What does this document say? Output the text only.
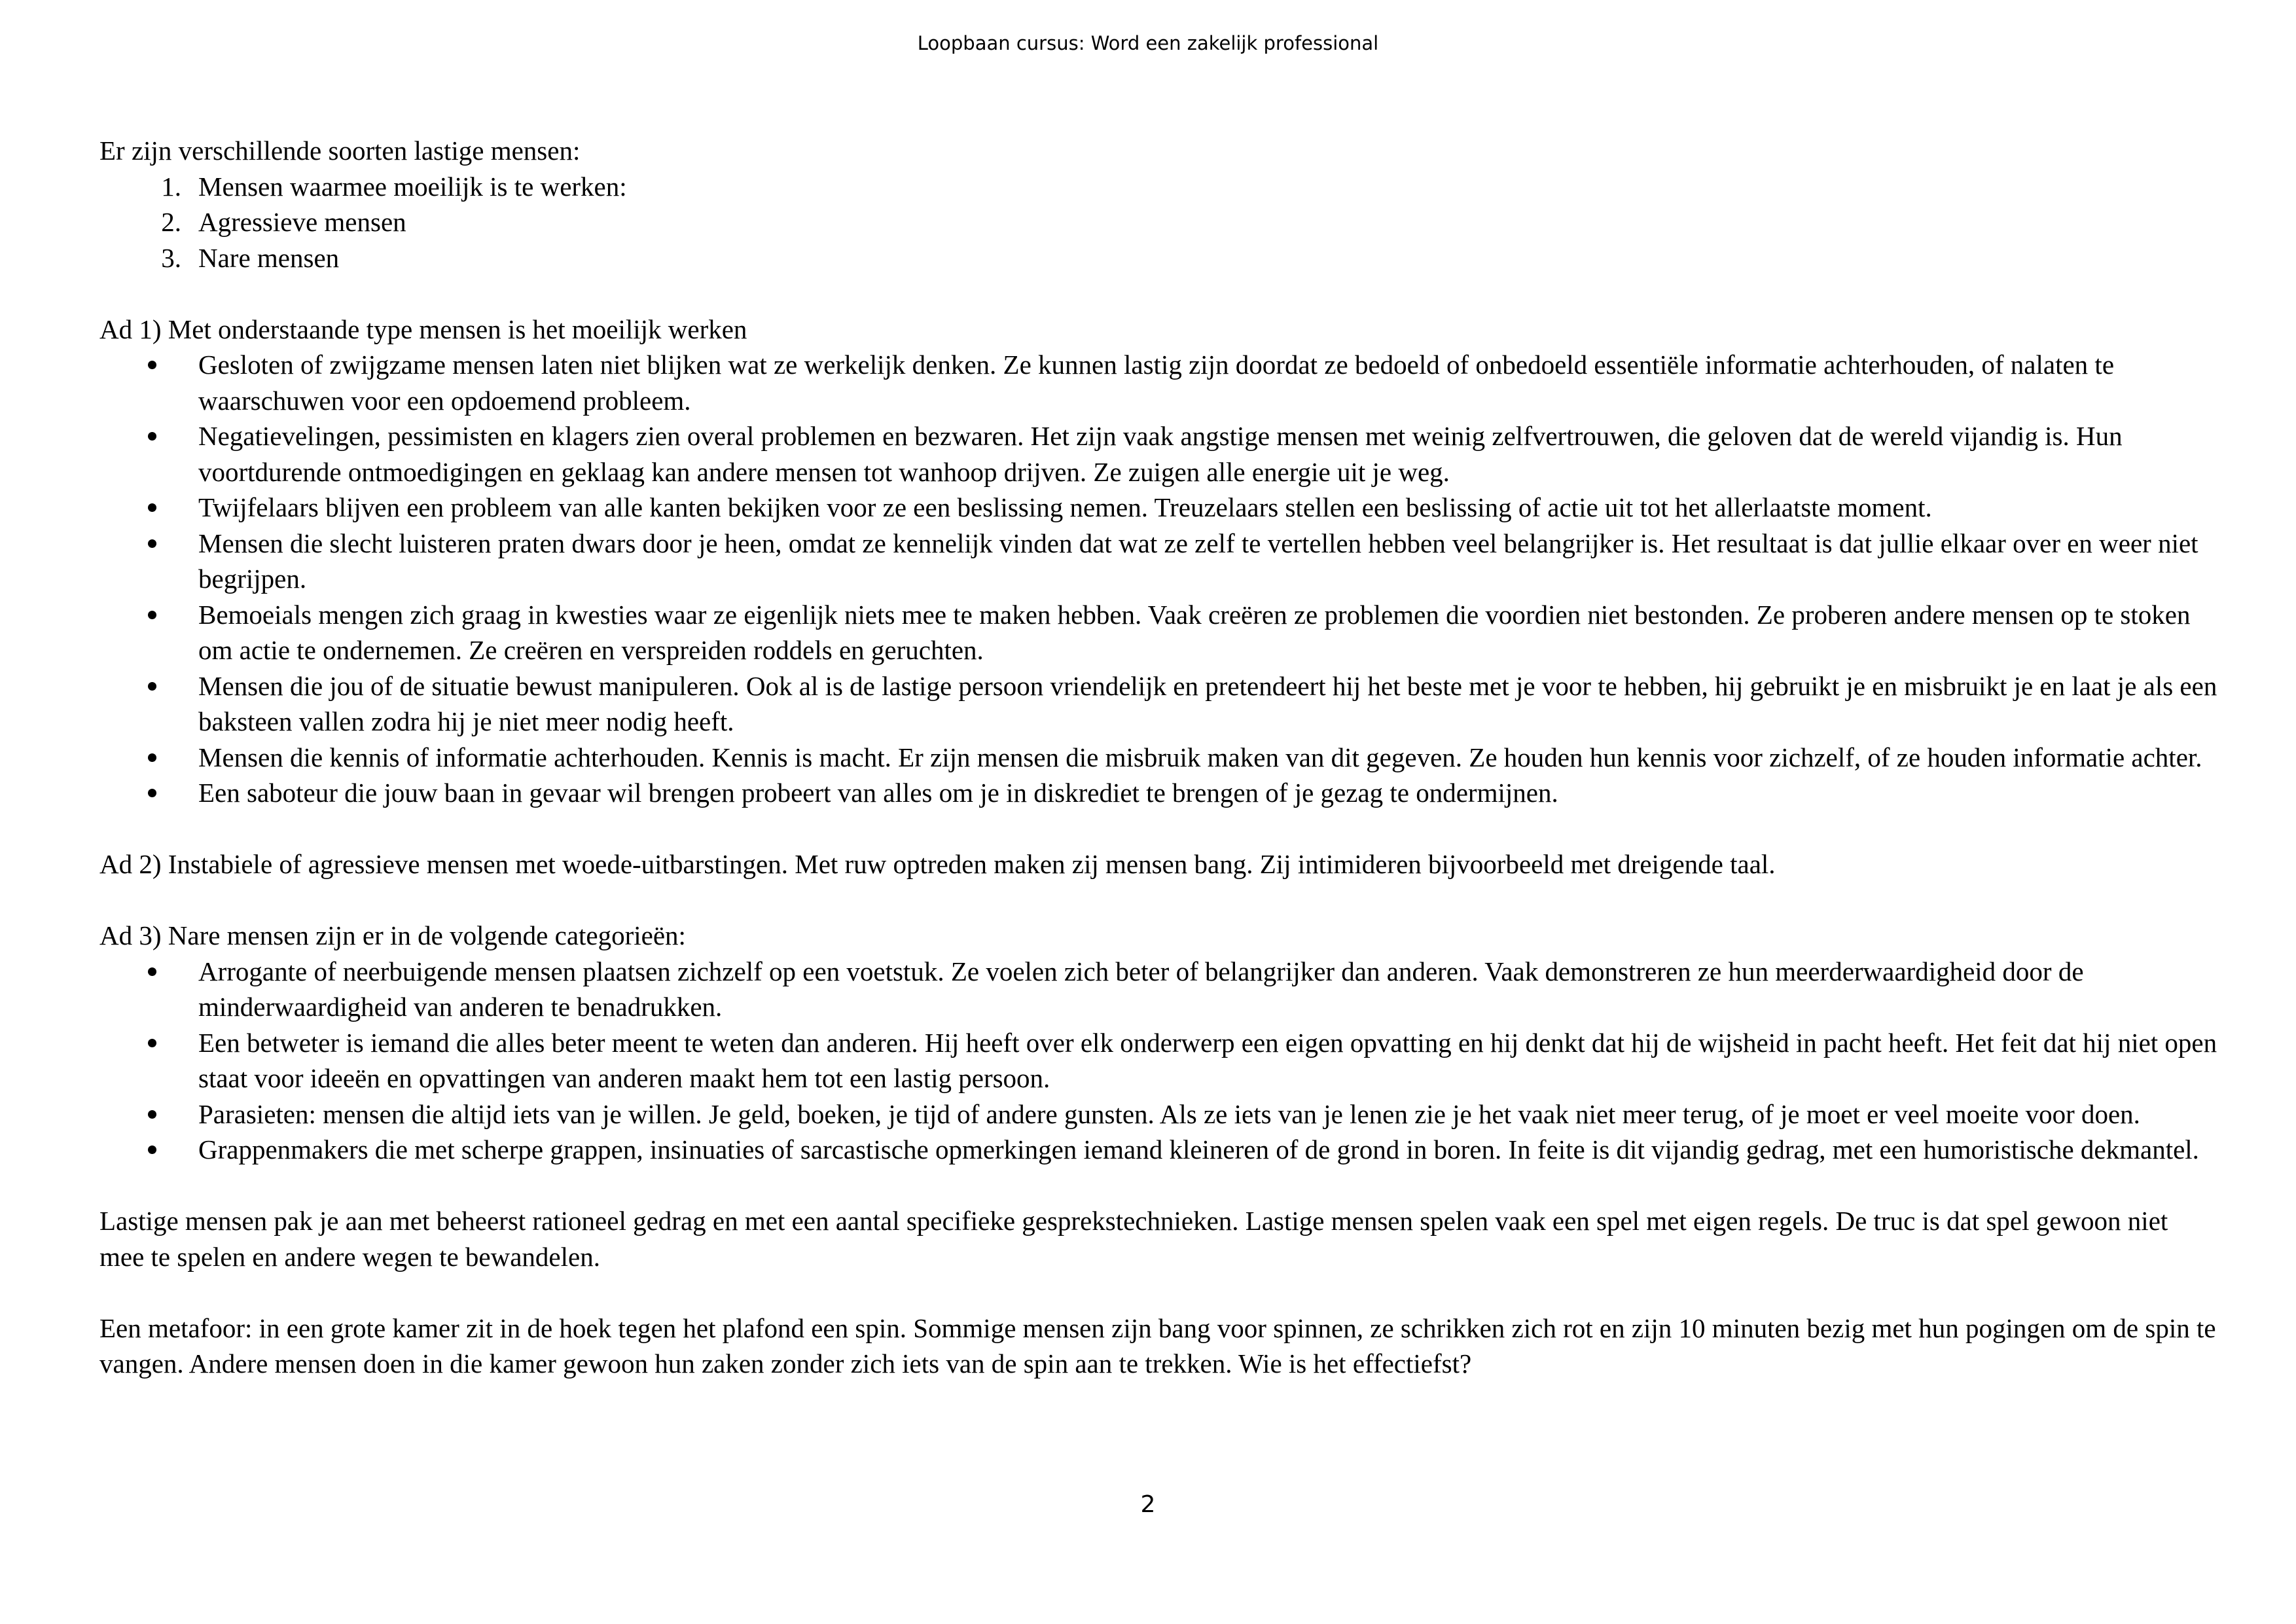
Loopbaan cursus: Word een zakelijk professional

Er zijn verschillende soorten lastige mensen:

1. Mensen waarmee moeilijk is te werken:
2. Agressieve mensen
3. Nare mensen

Ad 1) Met onderstaande type mensen is het moeilijk werken

Gesloten of zwijgzame mensen laten niet blijken wat ze werkelijk denken. Ze kunnen lastig zijn doordat ze bedoeld of onbedoeld essentiële informatie achterhouden, of nalaten te waarschuwen voor een opdoemend probleem.
Negatievelingen, pessimisten en klagers zien overal problemen en bezwaren. Het zijn vaak angstige mensen met weinig zelfvertrouwen, die geloven dat de wereld vijandig is. Hun voortdurende ontmoedigingen en geklaag kan andere mensen tot wanhoop drijven. Ze zuigen alle energie uit je weg.
Twijfelaars blijven een probleem van alle kanten bekijken voor ze een beslissing nemen. Treuzelaars stellen een beslissing of actie uit tot het allerlaatste moment.
Mensen die slecht luisteren praten dwars door je heen, omdat ze kennelijk vinden dat wat ze zelf te vertellen hebben veel belangrijker is. Het resultaat is dat jullie elkaar over en weer niet begrijpen.
Bemoeials mengen zich graag in kwesties waar ze eigenlijk niets mee te maken hebben. Vaak creëren ze problemen die voordien niet bestonden. Ze proberen andere mensen op te stoken om actie te ondernemen. Ze creëren en verspreiden roddels en geruchten.
Mensen die jou of de situatie bewust manipuleren. Ook al is de lastige persoon vriendelijk en pretendeert hij het beste met je voor te hebben, hij gebruikt je en misbruikt je en laat je als een baksteen vallen zodra hij je niet meer nodig heeft.
Mensen die kennis of informatie achterhouden. Kennis is macht. Er zijn mensen die misbruik maken van dit gegeven. Ze houden hun kennis voor zichzelf, of ze houden informatie achter.
Een saboteur die jouw baan in gevaar wil brengen probeert van alles om je in diskrediet te brengen of je gezag te ondermijnen.

Ad 2) Instabiele of agressieve mensen met woede-uitbarstingen. Met ruw optreden maken zij mensen bang. Zij intimideren bijvoorbeeld met dreigende taal.

Ad 3) Nare mensen zijn er in de volgende categorieën:

Arrogante of neerbuigende mensen plaatsen zichzelf op een voetstuk. Ze voelen zich beter of belangrijker dan anderen. Vaak demonstreren ze hun meerderwaardigheid door de minderwaardigheid van anderen te benadrukken.
Een betweter is iemand die alles beter meent te weten dan anderen. Hij heeft over elk onderwerp een eigen opvatting en hij denkt dat hij de wijsheid in pacht heeft. Het feit dat hij niet open staat voor ideeën en opvattingen van anderen maakt hem tot een lastig persoon.
Parasieten: mensen die altijd iets van je willen. Je geld, boeken, je tijd of andere gunsten. Als ze iets van je lenen zie je het vaak niet meer terug, of je moet er veel moeite voor doen.
Grappenmakers die met scherpe grappen, insinuaties of sarcastische opmerkingen iemand kleineren of de grond in boren. In feite is dit vijandig gedrag, met een humoristische dekmantel.

Lastige mensen pak je aan met beheerst rationeel gedrag en met een aantal specifieke gesprekstechnieken. Lastige mensen spelen vaak een spel met eigen regels. De truc is dat spel gewoon niet mee te spelen en andere wegen te bewandelen.

Een metafoor: in een grote kamer zit in de hoek tegen het plafond een spin. Sommige mensen zijn bang voor spinnen, ze schrikken zich rot en zijn 10 minuten bezig met hun pogingen om de spin te vangen. Andere mensen doen in die kamer gewoon hun zaken zonder zich iets van de spin aan te trekken. Wie is het effectiefst?

2
